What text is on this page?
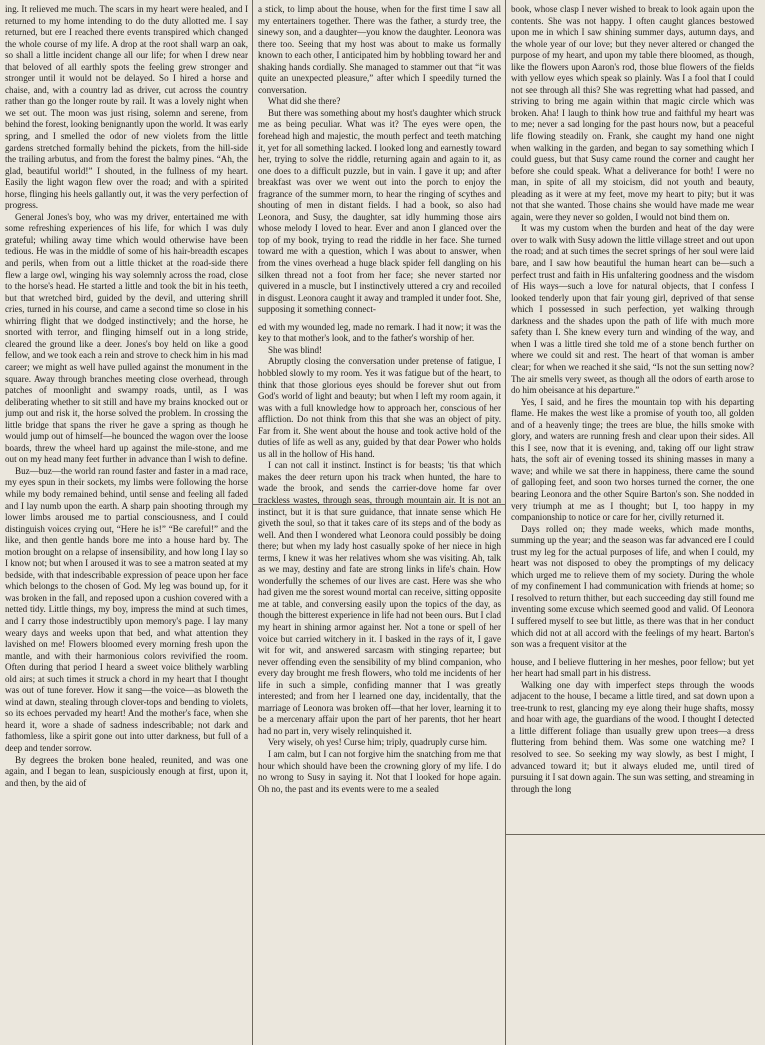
ing. It relieved me much. The scars in my heart were healed, and I returned to my home intending to do the duty allotted me. I say returned, but ere I reached there events transpired which changed the whole course of my life. A drop at the root shall warp an oak, so shall a little incident change all our life; for when I drew near that beloved of all earthly spots the feeling grew stronger and stronger until it would not be delayed. So I hired a horse and chaise, and, with a country lad as driver, cut across the country rather than go the longer route by rail. It was a lovely night when we set out. The moon was just rising, solemn and serene, from behind the forest, looking benignantly upon the world. It was early spring, and I smelled the odor of new violets from the little gardens stretched formally behind the pickets, from the hill-side the trailing arbutus, and from the forest the balmy pines. “Ah, the glad, beautiful world!” I shouted, in the fullness of my heart. Easily the light wagon flew over the road; and with a spirited horse, flinging his heels gallantly out, it was the very perfection of progress.

General Jones's boy, who was my driver, entertained me with some refreshing experiences of his life, for which I was duly grateful; whiling away time which would otherwise have been tedious. He was in the middle of some of his hair-breadth escapes and perils, when from out a little thicket at the road-side there flew a large owl, winging his way solemnly across the road, close to the horse's head. He started a little and took the bit in his teeth, but that wretched bird, guided by the devil, and uttering shrill cries, turned in his course, and came a second time so close in his whirring flight that we dodged instinctively; and the horse, he snorted with terror, and flinging himself out in a long stride, cleared the ground like a deer. Jones's boy held on like a good fellow, and we took each a rein and strove to check him in his mad career; we might as well have pulled against the monument in the square. Away through branches meeting close overhead, through patches of moonlight and swampy roads, until, as I was deliberating whether to sit still and have my brains knocked out or jump out and risk it, the horse solved the problem. In crossing the little bridge that spans the river he gave a spring as though he would jump out of himself—he bounced the wagon over the loose boards, threw the wheel hard up against the mile-stone, and me out on my head many feet further in advance than I wish to define.

Buz—buz—the world ran round faster and faster in a mad race, my eyes spun in their sockets, my limbs were following the horse while my body remained behind, until sense and feeling all faded and I lay numb upon the earth. A sharp pain shooting through my lower limbs aroused me to partial consciousness, and I could distinguish voices crying out, “Here he is!” “Be careful!” and the like, and then gentle hands bore me into a house hard by. The motion brought on a relapse of insensibility, and how long I lay so I know not; but when I aroused it was to see a matron seated at my bedside, with that indescribable expression of peace upon her face which belongs to the chosen of God. My leg was bound up, for it was broken in the fall, and reposed upon a cushion covered with a netted tidy. Little things, my boy, impress the mind at such times, and I carry those indestructibly upon memory's page. I lay many weary days and weeks upon that bed, and what attention they lavished on me! Flowers bloomed every morning fresh upon the mantle, and with their harmonious colors revivified the room. Often during that period I heard a sweet voice blithely warbling old airs; at such times it struck a chord in my heart that I thought was out of tune forever. How it sang—the voice—as bloweth the wind at dawn, stealing through clover-tops and bending to violets, so its echoes pervaded my heart! And the mother's face, when she heard it, wore a shade of sadness indescribable; not dark and fathomless, like a spirit gone out into utter darkness, but full of a deep and tender sorrow.

By degrees the broken bone healed, reunited, and was one again, and I began to lean, suspiciously enough at first, upon it, and then, by the aid of

a stick, to limp about the house, when for the first time I saw all my entertainers together. There was the father, a sturdy tree, the sinewy son, and a daughter—you know the daughter. Leonora was there too. Seeing that my host was about to make us formally known to each other, I anticipated him by hobbling toward her and shaking hands cordially. She managed to stammer out that “it was quite an unexpected pleasure,” after which I speedily turned the conversation.

What did she there?

But there was something about my host's daughter which struck me as being peculiar. What was it? The eyes were open, the forehead high and majestic, the mouth perfect and teeth matching it, yet for all something lacked. I looked long and earnestly toward her, trying to solve the riddle, returning again and again to it, as one does to a difficult puzzle, but in vain. I gave it up; and after breakfast was over we went out into the porch to enjoy the fragrance of the summer morn, to hear the ringing of scythes and shouting of men in distant fields. I had a book, so also had Leonora, and Susy, the daughter, sat idly humming those airs whose melody I loved to hear. Ever and anon I glanced over the top of my book, trying to read the riddle in her face. She turned toward me with a question, which I was about to answer, when from the vines overhead a huge black spider fell dangling on his silken thread not a foot from her face; she never started nor quivered in a muscle, but I instinctively uttered a cry and recoiled in disgust. Leonora caught it away and trampled it under foot. She, supposing it something connect-

ed with my wounded leg, made no remark. I had it now; it was the key to that mother's look, and to the father's worship of her.

She was blind!

Abruptly closing the conversation under pretense of fatigue, I hobbled slowly to my room. Yes it was fatigue but of the heart, to think that those glorious eyes should be forever shut out from God's world of light and beauty; but when I left my room again, it was with a full knowledge how to approach her, conscious of her affliction. Do not think from this that she was an object of pity. Far from it. She went about the house and took active hold of the duties of life as well as any, guided by that dear Power who holds us all in the hollow of His hand.

I can not call it instinct. Instinct is for beasts; 'tis that which makes the deer return upon his track when hunted, the hare to wade the brook, and sends the carrier-dove home far over trackless wastes, through seas, through mountain air. It is not an instinct, but it is that sure guidance, that innate sense which He giveth the soul, so that it takes care of its steps and of the body as well. And then I wondered what Leonora could possibly be doing there; but when my lady host casually spoke of her niece in high terms, I knew it was her relatives whom she was visiting. Ah, talk as we may, destiny and fate are strong links in life's chain. How wonderfully the schemes of our lives are cast. Here was she who had given me the sorest wound mortal can receive, sitting opposite me at table, and conversing easily upon the topics of the day, as though the bitterest experience in life had not been ours. But I clad my heart in shining armor against her. Not a tone or spell of her voice but carried witchery in it. I basked in the rays of it, I gave wit for wit, and answered sarcasm with stinging repartee; but never offending even the sensibility of my blind companion, who every day brought me fresh flowers, who told me incidents of her life in such a simple, confiding manner that I was greatly interested; and from her I learned one day, incidentally, that the marriage of Leonora was broken off—that her lover, learning it to be a mercenary affair upon the part of her parents, thot her heart had no part in, very wisely relinquished it.

Very wisely, oh yes! Curse him; triply, quadruply curse him.

I am calm, but I can not forgive him the snatching from me that hour which should have been the crowning glory of my life. I do no wrong to Susy in saying it. Not that I looked for hope again. Oh no, the past and its events were to me a sealed

book, whose clasp I never wished to break to look again upon the contents. She was not happy. I often caught glances bestowed upon me in which I saw shining summer days, autumn days, and the whole year of our love; but they never altered or changed the purpose of my heart, and upon my table there bloomed, as though, like the flowers upon Aaron's rod, those blue flowers of the fields with yellow eyes which speak so plainly. Was I a fool that I could not see through all this? She was regretting what had passed, and striving to bring me again within that magic circle which was broken. Aha! I laugh to think how true and faithful my heart was to me; never a sad longing for the past hours now, but a peaceful life flowing steadily on. Frank, she caught my hand one night when walking in the garden, and began to say something which I could guess, but that Susy came round the corner and caught her before she could speak. What a deliverance for both! I were no man, in spite of all my stoicism, did not youth and beauty, pleading as it were at my feet, move my heart to pity; but it was not that she wanted. Those chains she would have made me wear again, were they never so golden, I would not bind them on.

It was my custom when the burden and heat of the day were over to walk with Susy adown the little village street and out upon the road; and at such times the secret springs of her soul were laid bare, and I saw how beautiful the human heart can be—such a perfect trust and faith in His unfaltering goodness and the wisdom of His ways—such a love for natural objects, that I confess I looked tenderly upon that fair young girl, deprived of that sense which I possessed in such perfection, yet walking through darkness and the shades upon the path of life with much more safety than I. She knew every turn and winding of the way, and when I was a little tired she told me of a stone bench further on where we could sit and rest. The heart of that woman is amber clear; for when we reached it she said, “Is not the sun setting now? The air smells very sweet, as though all the odors of earth arose to do him obeisance at his departure.”

Yes, I said, and he fires the mountain top with his departing flame. He makes the west like a promise of youth too, all golden and of a heavenly tinge; the trees are blue, the hills smoke with glory, and waters are running fresh and clear upon their sides. All this I see, now that it is evening, and, taking off our light straw hats, the soft air of evening tossed its shining masses in many a wave; and while we sat there in happiness, there came the sound of galloping feet, and soon two horses turned the corner, the one bearing Leonora and the other Squire Barton's son. She nodded in very triumph at me as I thought; but I, too happy in my companionship to notice or care for her, civilly returned it.

Days rolled on; they made weeks, which made months, summing up the year; and the season was far advanced ere I could trust my leg for the actual purposes of life, and when I could, my heart was not disposed to obey the promptings of my delicacy which urged me to relieve them of my society. During the whole of my confinement I had communication with friends at home; so I resolved to return thither, but each succeeding day still found me inventing some excuse which seemed good and valid. Of Leonora I suffered myself to see but little, as there was that in her conduct which did not at all accord with the feelings of my heart. Barton's son was a frequent visitor at the

house, and I believe fluttering in her meshes, poor fellow; but yet her heart had small part in his distress.

Walking one day with imperfect steps through the woods adjacent to the house, I became a little tired, and sat down upon a tree-trunk to rest, glancing my eye along their huge shafts, mossy and hoar with age, the guardians of the wood. I thought I detected a little different foliage than usually grew upon trees—a dress fluttering from behind them. Was some one watching me? I resolved to see. So seeking my way slowly, as best I might, I advanced toward it; but it always eluded me, until tired of pursuing it I sat down again. The sun was setting, and streaming in through the long
